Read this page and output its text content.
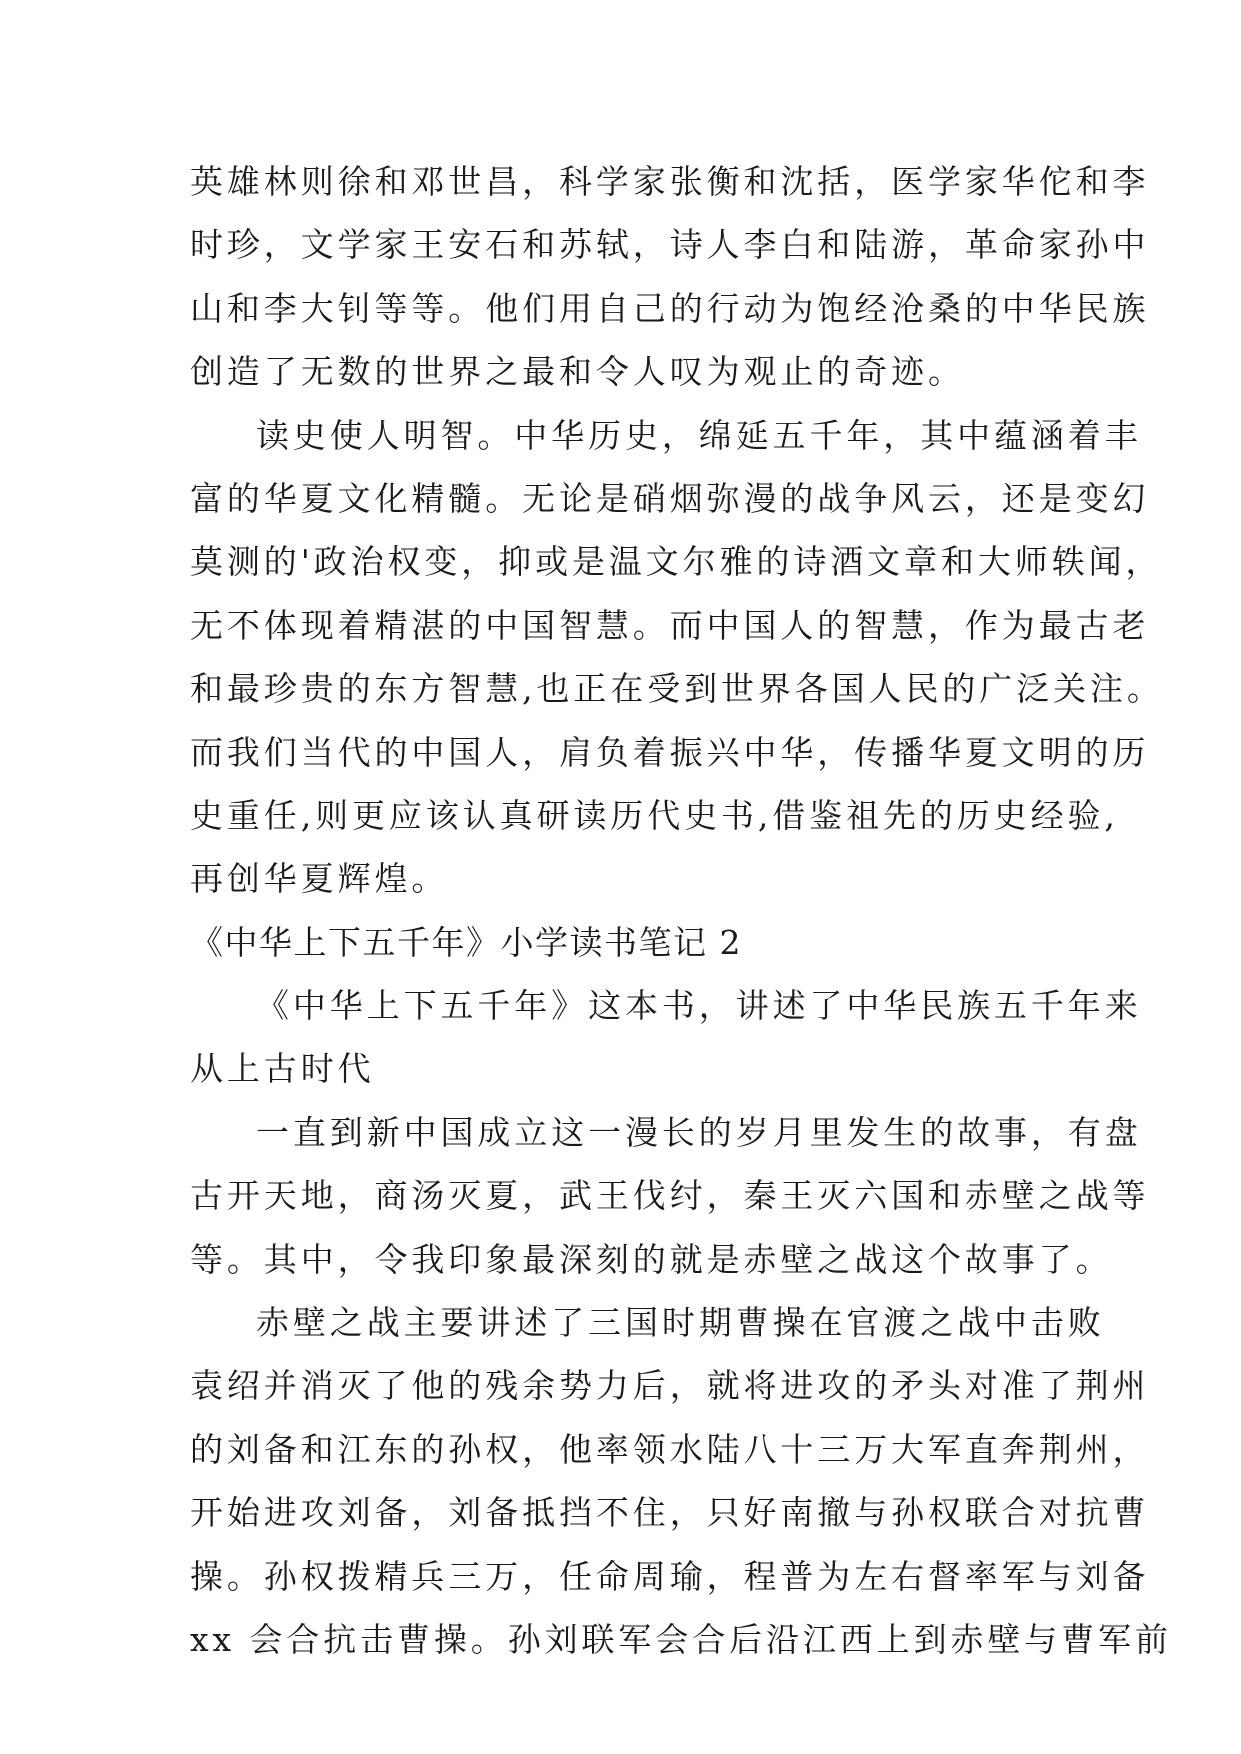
英雄林则徐和邓世昌，科学家张衡和沈括，医学家华佗和李
时珍，文学家王安石和苏轼，诗人李白和陆游，革命家孙中
山和李大钊等等。他们用自己的行动为饱经沧桑的中华民族
创造了无数的世界之最和令人叹为观止的奇迹。
读史使人明智。中华历史，绵延五千年，其中蕴涵着丰
富的华夏文化精髓。无论是硝烟弥漫的战争风云，还是变幻
莫测的'政治权变，抑或是温文尔雅的诗酒文章和大师轶闻，
无不体现着精湛的中国智慧。而中国人的智慧，作为最古老
和最珍贵的东方智慧,也正在受到世界各国人民的广泛关注。
而我们当代的中国人，肩负着振兴中华，传播华夏文明的历
史重任,则更应该认真研读历代史书,借鉴祖先的历史经验,
再创华夏辉煌。
《中华上下五千年》小学读书笔记 2
《中华上下五千年》这本书，讲述了中华民族五千年来
从上古时代
一直到新中国成立这一漫长的岁月里发生的故事，有盘
古开天地，商汤灭夏，武王伐纣，秦王灭六国和赤壁之战等
等。其中，令我印象最深刻的就是赤壁之战这个故事了。
赤壁之战主要讲述了三国时期曹操在官渡之战中击败
袁绍并消灭了他的残余势力后，就将进攻的矛头对准了荆州
的刘备和江东的孙权，他率领水陆八十三万大军直奔荆州，
开始进攻刘备，刘备抵挡不住，只好南撤与孙权联合对抗曹
操。孙权拨精兵三万，任命周瑜，程普为左右督率军与刘备
xx 会合抗击曹操。孙刘联军会合后沿江西上到赤壁与曹军前
